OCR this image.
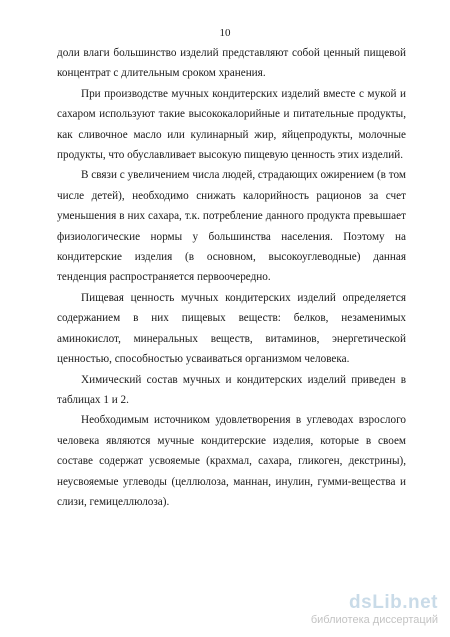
10

доли влаги большинство изделий представляют собой ценный пищевой концентрат с длительным сроком хранения.

При производстве мучных кондитерских изделий вместе с мукой и сахаром используют такие высококалорийные и питательные продукты, как сливочное масло или кулинарный жир, яйцепродукты, молочные продукты, что обуславливает высокую пищевую ценность этих изделий.

В связи с увеличением числа людей, страдающих ожирением (в том числе детей), необходимо снижать калорийность рационов за счет уменьшения в них сахара, т.к. потребление данного продукта превышает физиологические нормы у большинства населения. Поэтому на кондитерские изделия (в основном, высокоуглеводные) данная тенденция распространяется первоочередно.

Пищевая ценность мучных кондитерских изделий определяется содержанием в них пищевых веществ: белков, незаменимых аминокислот, минеральных веществ, витаминов, энергетической ценностью, способностью усваиваться организмом человека.

Химический состав мучных и кондитерских изделий приведен в таблицах 1 и 2.

Необходимым источником удовлетворения в углеводах взрослого человека являются мучные кондитерские изделия, которые в своем составе содержат усвояемые (крахмал, сахара, гликоген, декстрины), неусвояемые углеводы (целлюлоза, маннан, инулин, гумми-вещества и слизи, гемицеллюлоза).

dsLib.net
библиотека диссертаций
